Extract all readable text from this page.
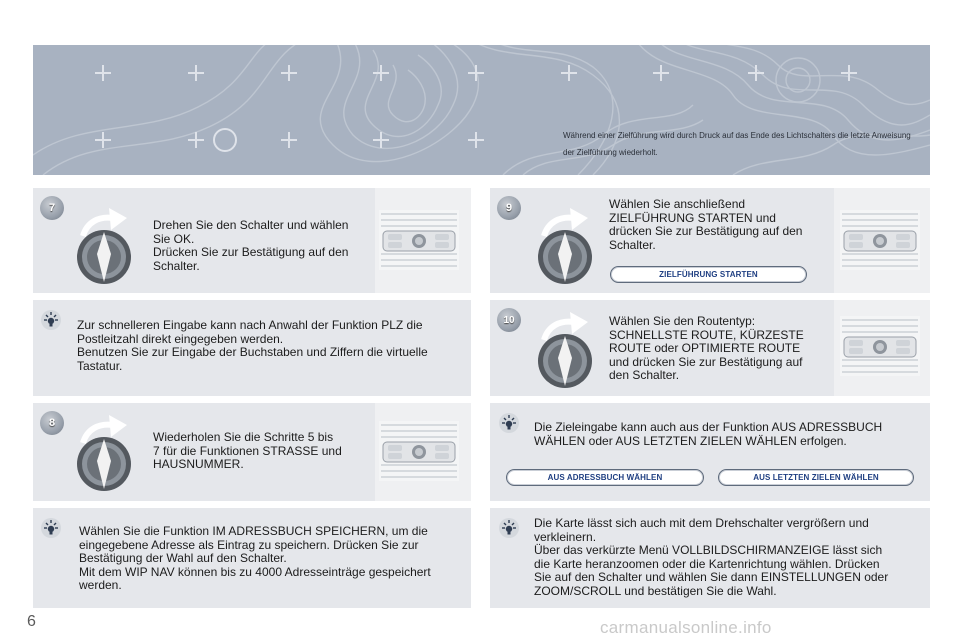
Während einer Zielführung wird durch Druck auf das Ende des Lichtschalters die letzte Anweisung der Zielführung wiederholt.
7
Drehen Sie den Schalter und wählen
Sie OK.
Drücken Sie zur Bestätigung auf den
Schalter.
Zur schnelleren Eingabe kann nach Anwahl der Funktion PLZ die
Postleitzahl direkt eingegeben werden.
Benutzen Sie zur Eingabe der Buchstaben und Ziffern die virtuelle
Tastatur.
8
Wiederholen Sie die Schritte 5 bis
7 für die Funktionen STRASSE und
HAUSNUMMER.
Wählen Sie die Funktion IM ADRESSBUCH SPEICHERN, um die
eingegebene Adresse als Eintrag zu speichern. Drücken Sie zur
Bestätigung der Wahl auf den Schalter.
Mit dem WIP NAV können bis zu 4000 Adresseinträge gespeichert
werden.
9	Wählen Sie anschließend
ZIELFÜHRUNG STARTEN und
drücken Sie zur Bestätigung auf den
Schalter.
ZIELFÜHRUNG STARTEN
10	Wählen Sie den Routentyp:
SCHNELLSTE ROUTE, KÜRZESTE
ROUTE oder OPTIMIERTE ROUTE
und drücken Sie zur Bestätigung auf
den Schalter.
Die Zieleingabe kann auch aus der Funktion AUS ADRESSBUCH
WÄHLEN oder AUS LETZTEN ZIELEN WÄHLEN erfolgen.
AUS ADRESSBUCH WÄHLEN	AUS LETZTEN ZIELEN WÄHLEN
Die Karte lässt sich auch mit dem Drehschalter vergrößern und
verkleinern.
Über das verkürzte Menü VOLLBILDSCHIRMANZEIGE lässt sich
die Karte heranzoomen oder die Kartenrichtung wählen. Drücken
Sie auf den Schalter und wählen Sie dann EINSTELLUNGEN oder
ZOOM/SCROLL und bestätigen Sie die Wahl.
6	carmanualsonline.info
